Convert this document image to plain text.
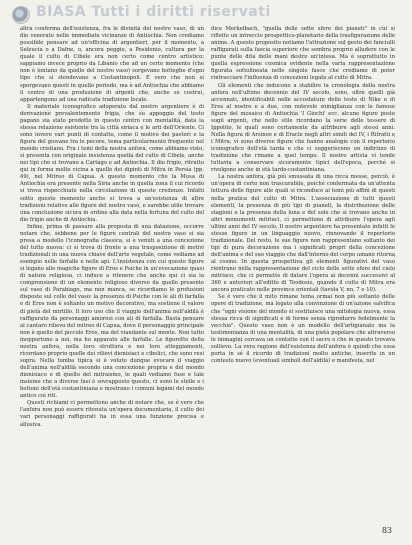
BIASA Tutti i diritti riservati

altra conferma dell'esistenza, fra le divinità del nostro vaso, di un dio venerato nelle immediate vicinanze di Antiochia. Non crediamo possibile pensare ad un'officina di argentieri, per il momento, a Seleucia o a Dafne, o, ancora peggio, a Posidonio, cultura per la quale il culto di Cibele era non certo come centro artistico; sappiamo invece proprio da Libanio che ad un certo momento (che non è lontano da quello del nostro vaso) sorgevano botteghe d'ogni tipo che si stendevano a Costantinopoli. E vero che non si sporgevano questi in quello periodo, ma è ad Antiochia che abbiamo il centro di una produzione di argenti che, anche se costrui, appartengono ad una radicata tradizione locale.

Il materiale iconografico adoperato dal nostro argentiere è di derivazione prevalentemente frigia, che su appoggio del testo pagano sia stato prodotto in questo centro con mentalità, data la stessa relazione esistente tra la città siriaca e le arti dell'Oriente. Ci sono invero vari punti di contatto, come il motivo dei pastori e la figura del giovane tra le pecore, tema particolarmente frequente nel mondo cristiano. Fra i temi della nostra anfora, come abbiamo visto, si presenta con originale insistenza quella del culto di Cibele, anche nei tipi che si trovano a Cartago e ad Antiochia. Il dio frigio, ritratto qui in forma molto vicina a quello dei dipinti di Mitra in Persia (pp. 49), nel Mitreo di Capua. A questo momento che la Musa di Antiochia era presente nella Siria anche in quella zona il cui ricordo si trova rispecchiato nella circolazione di queste credenze. Infatti sotto questo momento anche si trova a un'esistenza di altre tradizioni relative alle figure del nostro vaso, e sarebbe utile trovare una conclusione sicura in ordine alla data nella fortuna del culto del dio frigio anche di Antiochia.

Infine, prima di passare alla proposta di una datazione, occorre notare che, sebbene per le figure centrali del nostro vaso si sia presa a modello l'iconografia classica, si è venuti a una concezione del tutto nuova: ci si trova di fronte a una trasposizione di motivi tradizionali in una nuova chiave dell'arte vegetale, come vediamo ad esempio nelle farfalle e nelle api. L'insistenza con cui queste figure si legano alle magiche figure di Eros e Psiche in un'evocazione quasi di natura religiosa, ci induce a ritenere che anche qui ci sia la comprensione di un elemento religioso diverso da quello presente sul vaso di Parabiago, ma non manca, se ricordiamo le profusioni disposte sul collo del vaso: la presenza di Psiche con le ali di farfalla e di Eros non è soltanto un motivo decorativo, ma sostiene il valore di pietà del mirtillo. Il loro uso che il viaggio dell'anima nell'aldilà è raffigurato da personaggi amorosi con ali di farfalla. Basta pensare al cantaro rilievo del mitreo di Capua, dove il personaggio principale non è quello del piccolo Eros, ma del viandante sul monte. Non tutto inopportuno a noi, ma ho apparato alle farfalle. Le figurette della nostra anfora, nella loro struttura e nei loro atteggiamenti, ricordano proprio quelle dei rilievi dionisiaci e cibelici, che sono resi sopra. Nella tomba tipica si è voluto dunque evocare il viaggio dell'anima nell'aldilà secondo una concezione propria e del mondo dionisiaco e di quello del mitraismo, le quali vediamo fuse e tale insieme che a diverse fasi è sovrapposto questo, ci sono le stelle e i bottoni dell'età costantiniana e mostrano i comuni legami del mondo antico coi riti.

Questi richiami ci permettono anche di notare che, se è vero che l'anfora non può essere ritenuta un'opera documentaria, il culto dei vari personaggi raffigurati ha in essa una funzione precisa e allusiva.

dice Merkelbach, "quella delle sette sfere dei pianeti" in cui si riflette un intreccio prospettico-planetario della trasfigurazione delle anime. A questo proposito notiamo l'attrazione sul gesto dei fanciulli raffigurati sulla fascia superiore che sembra proprio alludere con le punte delle dita delle mani destre un'intesa. Ma è soprattutto in quella espressione cosmica evidente nella varia rappresentazione figurata sottolineata nelle singole fasce che crediamo di poter rintracciare l'influenza di concezioni legate al culto di Mitra.

Gli elementi che inducono a stabilire la cronologia della nostra anfora nell'ultimo decennio del IV secolo, sono, oltre quelli già accennati, identificabili nelle accostature delle teste di Nike e di Eros al nostro e a due, con notevole somiglianza con le famose figure del mosaico di Antiochia 'I Giochi' ecc. alcune figure poste sugli argenti, che nello stile ricordano la serie delle tessere di Ippolito, le quali sono certamente da attribuire agli stessi anni. Nella figura di Arsinoe e di Eracle negli altri simili del IV, i Ritratti e i Mitra, vi sono diverse figure che hanno analogie con il repertorio iconografico dell'età tarda e che ci suggeriscono un indirizzo di tradizione che rimane a quel tempo. Il nostro artista vi tende tuttavia a conservare sicuramente tipici dell'epoca, perché si rivolgono anche in età tardo-costantiniana.

La nostra anfora, già più smussata di una ricca messe, perciò, è un'opera di certo non trascurabile, poiché confermata da un'attenta lettura delle figure alle quali si riconduce ai temi più affini di questi nella pratica del culto di Mitra. L'associazione di tutti questi elementi, la presenza di più tipi di pianeti, la distribuzione delle stagioni e la presenza della luna e del sole che si trovano anche in altri monumenti mitriaci, ci permettono di attribuire l'opera agli ultimi anni del IV secolo. Il nostro argentiere ha presentato infatti le stesse figure in un linguaggio nuovo, rinnovando il repertorio tradizionale. Del resto, le sue figure non rappresentano soltanto dei tipi di pura decorazione ma i significati propri della concezione dell'anima e del suo viaggio che dall'interno del corpo umano ritorna al cosmo. In questa prospettiva gli elementi figurativi del vaso rientrano nella rappresentazione del ciclo delle sette sfere del cielo mitriaco, che ci permette di datare l'opera ai decenni successivi al 360 e anteriori all'editto di Teodosio, quando il culto di Mitra era ancora praticato nelle province orientali (tavola V, nn. 7 e 10).

Se è vero che il mito rimane tema ormai non più soltanto delle opere di tradizione, ma legato alla convinzione di un'azione salvifica che "ogni visione del mondo si sostituisce una mitologia nuova, essa stessa ricca di significati e di forme senza riprodurre fedelmente la vecchia". Questo vaso non è un modello dell'artigianato ma la testimonianza di una mentalità, di una pietà popolare che attraverso le immagini cercava un contatto con il sacro e che in questo trovava sollievo. La vera ragione dell'esistenza dell'anfora è quindi che essa porta in sé il ricordo di tradizioni molto antiche, inserite in un contesto nuovo (eventuali simboli dell'aldilà) e manifesta, nel

83
